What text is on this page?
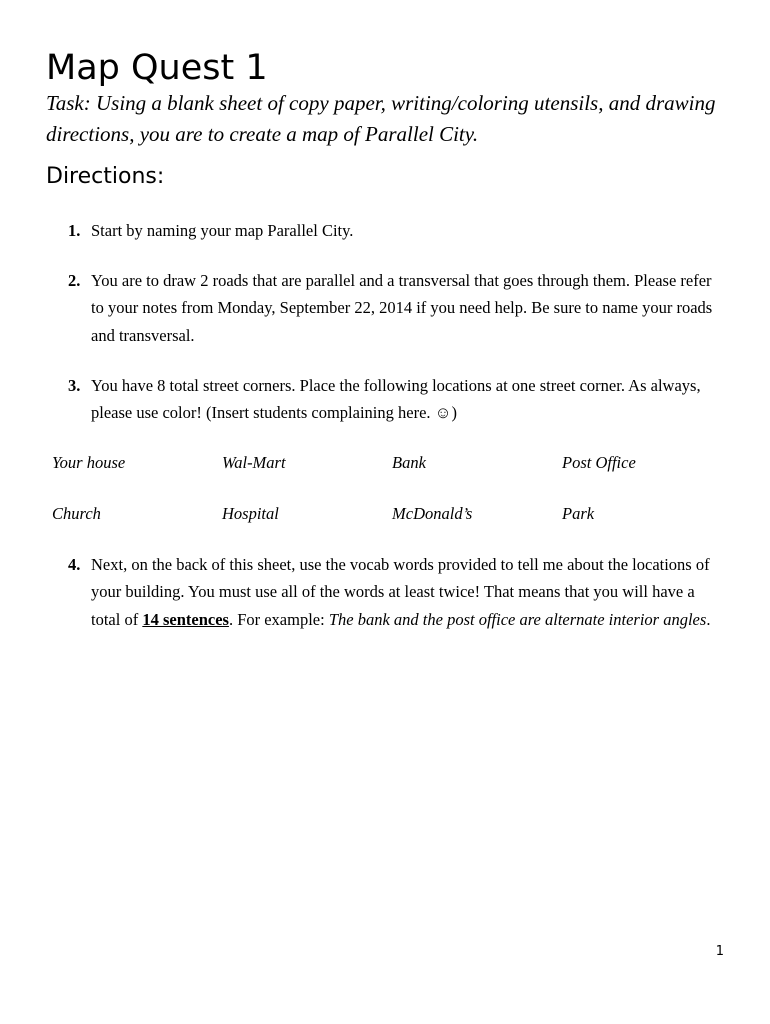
Map Quest 1

Task: Using a blank sheet of copy paper, writing/coloring utensils, and drawing directions, you are to create a map of Parallel City.

Directions:
1. Start by naming your map Parallel City.
2. You are to draw 2 roads that are parallel and a transversal that goes through them. Please refer to your notes from Monday, September 22, 2014 if you need help. Be sure to name your roads and transversal.
3. You have 8 total street corners. Place the following locations at one street corner. As always, please use color! (Insert students complaining here. ☺)
Your house	Wal-Mart	Bank	Post Office
Church	Hospital	McDonald’s	Park
4. Next, on the back of this sheet, use the vocab words provided to tell me about the locations of your building. You must use all of the words at least twice! That means that you will have a total of 14 sentences. For example: The bank and the post office are alternate interior angles.
1
